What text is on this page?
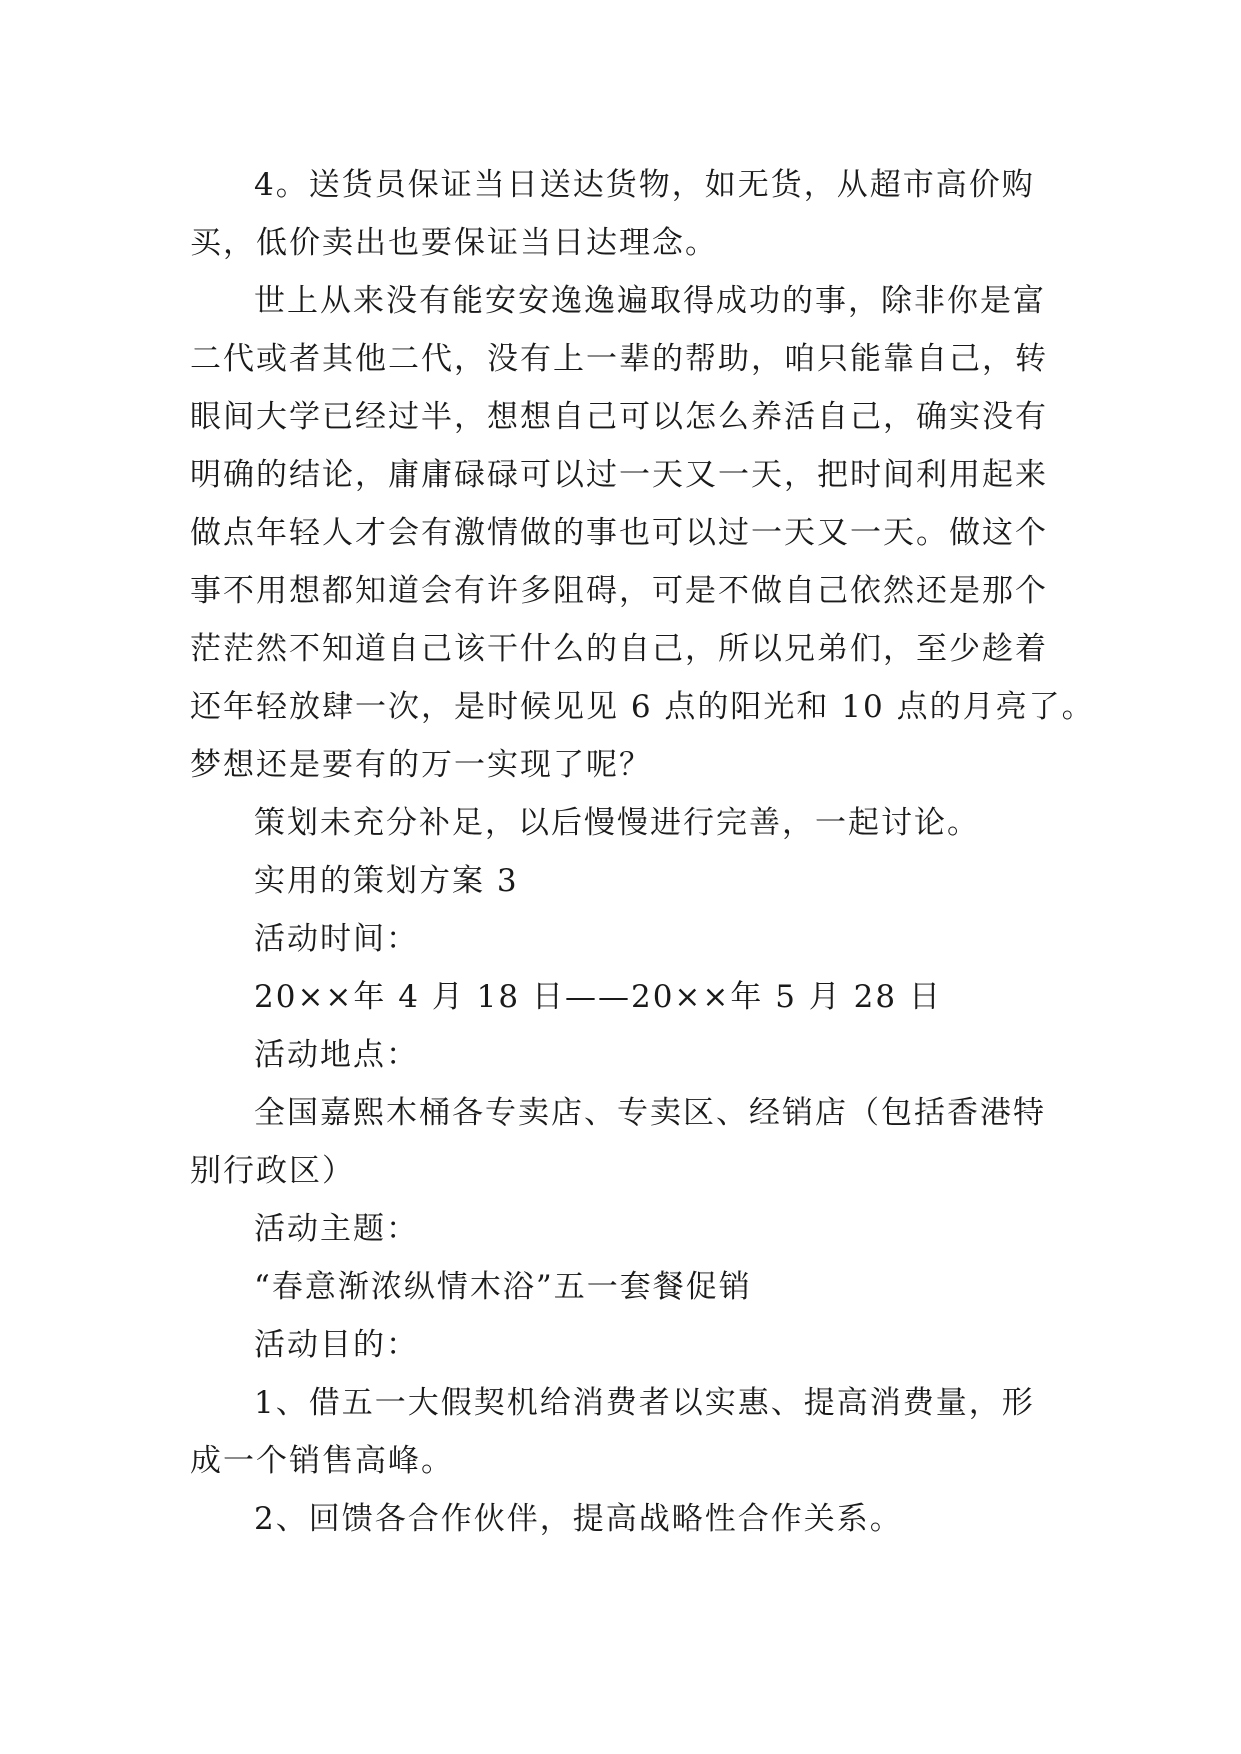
4。送货员保证当日送达货物，如无货，从超市高价购
买，低价卖出也要保证当日达理念。

世上从来没有能安安逸逸遍取得成功的事，除非你是富
二代或者其他二代，没有上一辈的帮助，咱只能靠自己，转
眼间大学已经过半，想想自己可以怎么养活自己，确实没有
明确的结论，庸庸碌碌可以过一天又一天，把时间利用起来
做点年轻人才会有激情做的事也可以过一天又一天。做这个
事不用想都知道会有许多阻碍，可是不做自己依然还是那个
茫茫然不知道自己该干什么的自己，所以兄弟们，至少趁着
还年轻放肆一次，是时候见见 6 点的阳光和 10 点的月亮了。
梦想还是要有的万一实现了呢？

策划未充分补足，以后慢慢进行完善，一起讨论。

实用的策划方案 3

活动时间：

20××年 4 月 18 日——20××年 5 月 28 日

活动地点：

全国嘉熙木桶各专卖店、专卖区、经销店（包括香港特
别行政区）

活动主题：

“春意渐浓纵情木浴”五一套餐促销

活动目的：

1、借五一大假契机给消费者以实惠、提高消费量，形
成一个销售高峰。

2、回馈各合作伙伴，提高战略性合作关系。
